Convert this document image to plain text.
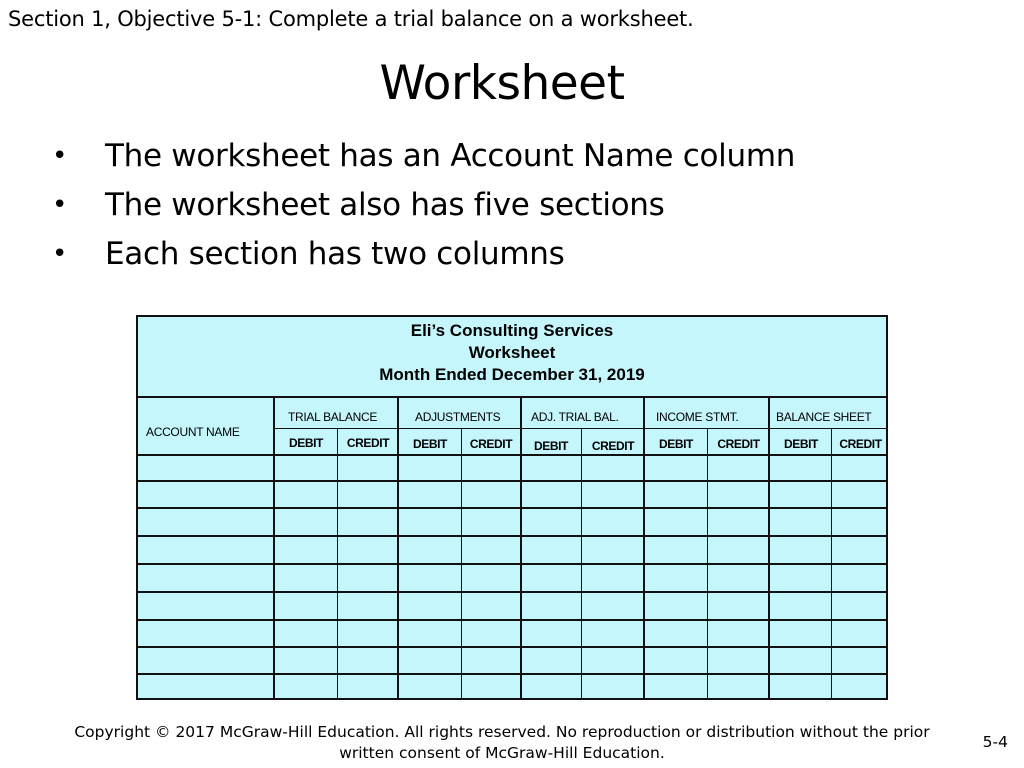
Section 1, Objective 5-1: Complete a trial balance on a worksheet.
Worksheet
• The worksheet has an Account Name column
• The worksheet also has five sections
• Each section has two columns
Eli’s Consulting Services
Worksheet
Month Ended December 31, 2019
ACCOUNT NAME
TRIAL BALANCE	ADJUSTMENTS	ADJ. TRIAL BAL.	INCOME STMT.	BALANCE SHEET
DEBIT	CREDIT	DEBIT	CREDIT	DEBIT	CREDIT	DEBIT	CREDIT	DEBIT	CREDIT
Copyright © 2017 McGraw-Hill Education. All rights reserved. No reproduction or distribution without the prior written consent of McGraw-Hill Education.
5-4
